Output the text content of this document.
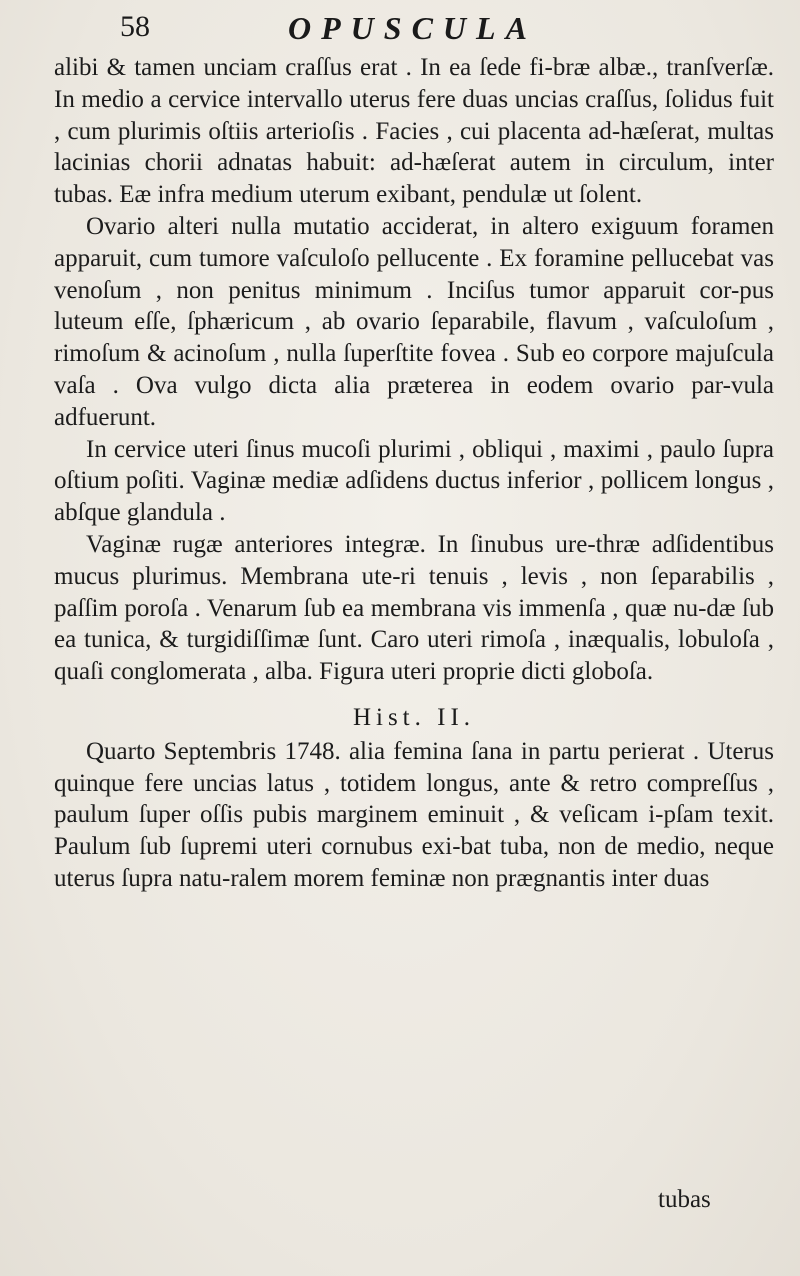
58	OPUSCULA

alibi & tamen unciam craſſus erat . In ea ſede fi-bræ albæ., tranſverſæ. In medio a cervice intervallo uterus fere duas uncias craſſus, ſolidus fuit , cum plurimis oſtiis arterioſis . Facies , cui placenta ad-hæſerat, multas lacinias chorii adnatas habuit: ad-hæſerat autem in circulum, inter tubas. Eæ infra medium uterum exibant, pendulæ ut ſolent.

Ovario alteri nulla mutatio acciderat, in altero exiguum foramen apparuit, cum tumore vaſculoſo pellucente . Ex foramine pellucebat vas venoſum , non penitus minimum . Inciſus tumor apparuit cor-pus luteum eſſe, ſphæricum , ab ovario ſeparabile, flavum , vaſculoſum , rimoſum & acinoſum , nulla ſuperſtite fovea . Sub eo corpore majuſcula vaſa . Ova vulgo dicta alia præterea in eodem ovario par-vula adfuerunt.

In cervice uteri ſinus mucoſi plurimi , obliqui , maximi , paulo ſupra oſtium poſiti. Vaginæ mediæ adſidens ductus inferior , pollicem longus , abſque glandula .

Vaginæ rugæ anteriores integræ. In ſinubus ure-thræ adſidentibus mucus plurimus. Membrana ute-ri tenuis , levis , non ſeparabilis , paſſim poroſa . Venarum ſub ea membrana vis immenſa , quæ nu-dæ ſub ea tunica, & turgidiſſimæ ſunt. Caro uteri rimoſa , inæqualis, lobuloſa , quaſi conglomerata , alba. Figura uteri proprie dicti globoſa.

Hist. II.

Quarto Septembris 1748. alia femina ſana in partu perierat . Uterus quinque fere uncias latus , totidem longus, ante & retro compreſſus , paulum ſuper oſſis pubis marginem eminuit , & veſicam i-pſam texit. Paulum ſub ſupremi uteri cornubus exi-bat tuba, non de medio, neque uterus ſupra natu-ralem morem feminæ non prægnantis inter duas

tubas
